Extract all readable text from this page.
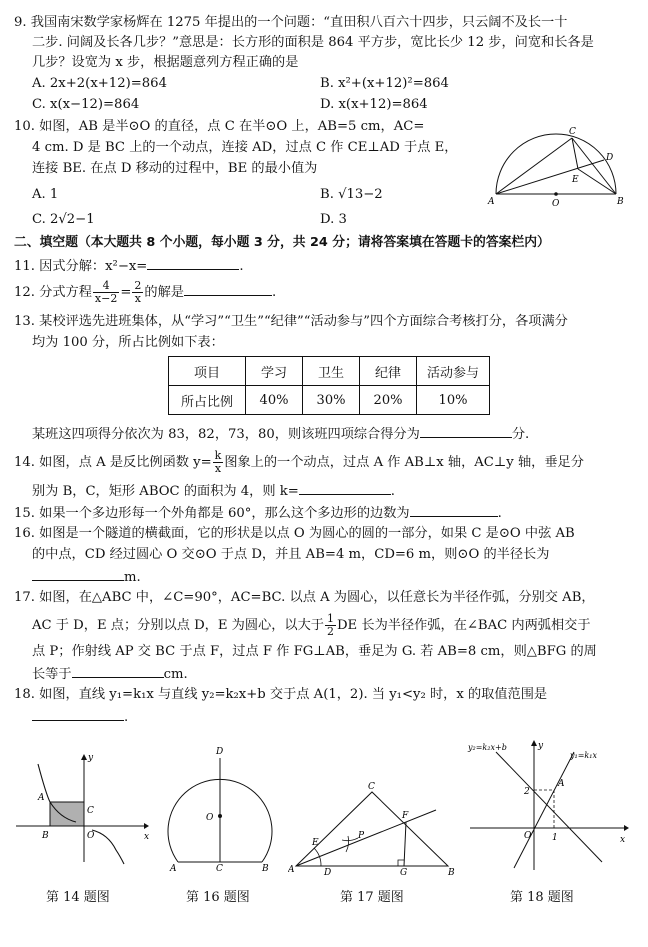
9. 我国南宋数学家杨辉在 1275 年提出的一个问题：“直田积八百六十四步，只云阔不及长一十
二步. 问阔及长各几步？”意思是：长方形的面积是 864 平方步，宽比长少 12 步，问宽和长各是
几步？设宽为 x 步，根据题意列方程正确的是
A. 2x+2(x+12)=864	B. x²+(x+12)²=864
C. x(x−12)=864	D. x(x+12)=864
10. 如图，AB 是半⊙O 的直径，点 C 在半⊙O 上，AB=5 cm，AC=
4 cm. D 是 BC 上的一个动点，连接 AD，过点 C 作 CE⊥AD 于点 E，
连接 BE. 在点 D 移动的过程中，BE 的最小值为
A. 1	B. √13−2
C. 2√2−1	D. 3
A	B
C
D
E
O
二、填空题（本大题共 8 个小题，每小题 3 分，共 24 分；请将答案填在答题卡的答案栏内）
11. 因式分解：x²−x=	.
12. 分式方程 $\frac{4}{x-2} = \frac{2}{x}$ 的解是	.
13. 某校评选先进班集体，从“学习”“卫生”“纪律”“活动参与”四个方面综合考核打分，各项满分
均为 100 分，所占比例如下表：
项目	学习	卫生	纪律	活动参与
所占比例	40%	30%	20%	10%
某班这四项得分依次为 83，82，73，80，则该班四项综合得分为	分.
14. 如图，点 A 是反比例函数 $y= \frac{k}{x}$ 图象上的一个动点，过点 A 作 AB⊥x 轴，AC⊥y 轴，垂足分
别为 B，C，矩形 ABOC 的面积为 4，则 k=	.
15. 如果一个多边形每一个外角都是 60°，那么这个多边形的边数为	.
16. 如图是一个隧道的横截面，它的形状是以点 O 为圆心的圆的一部分，如果 C 是⊙O 中弦 AB
的中点，CD 经过圆心 O 交⊙O 于点 D，并且 AB=4 m，CD=6 m，则⊙O 的半径长为
m.
17. 如图，在△ABC 中，∠C=90°，AC=BC. 以点 A 为圆心，以任意长为半径作弧，分别交 AB，
AC 于 D，E 点；分别以点 D，E 为圆心，以大于 $\frac{1}{2}$ DE 长为半径作弧，在∠BAC 内两弧相交于
点 P；作射线 AP 交 BC 于点 F，过点 F 作 FG⊥AB，垂足为 G. 若 AB=8 cm，则△BFG 的周
长等于	cm.
18. 如图，直线 y₁=k₁x 与直线 y₂=k₂x+b 交于点 A(1，2). 当 y₁<y₂ 时，x 的取值范围是
.
A
B
C
O	x
y
A	B
C
D
O
A	B
C
D
E
F
G
P
y₂=k₂x+b
y₁=k₁x
2
1
O
A
x
y
第 14 题图	第 16 题图	第 17 题图	第 18 题图
